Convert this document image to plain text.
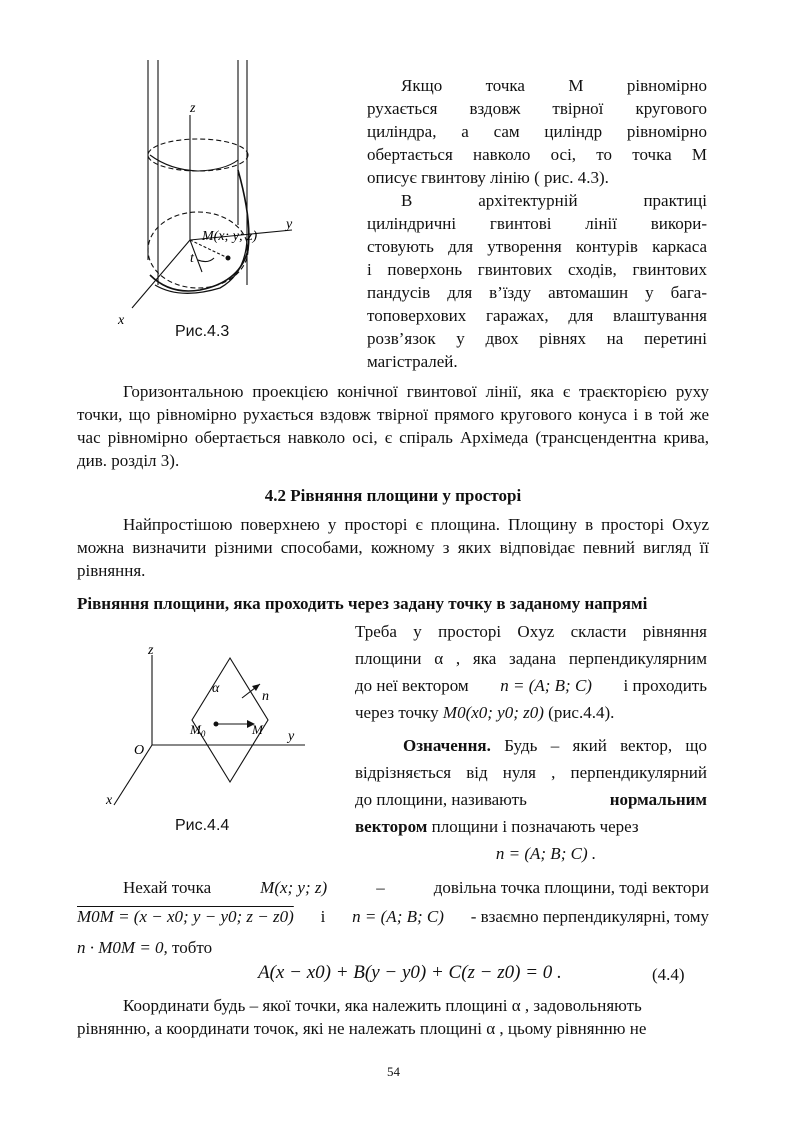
z
y
x
M(x; y; z)
t
Рис.4.3
Якщо точка M рівномірно
рухається вздовж твірної кругового
циліндра, а сам циліндр рівномірно
обертається навколо осі, то точка M
описує гвинтову лінію ( рис. 4.3).
В архітектурній практиці
циліндричні гвинтові лінії викори-
стовують для утворення контурів каркаса
і поверхонь гвинтових сходів, гвинтових
пандусів для в’їзду автомашин у бага-
топоверхових гаражах, для влаштування
розв’язок у двох рівнях на перетині
магістралей.
Горизонтальною проекцією конічної гвинтової лінії, яка є траєкторією руху точки, що рівномірно рухається вздовж твірної прямого кругового конуса і в той же час рівномірно обертається навколо осі, є спіраль Архімеда (трансцендентна крива, див. розділ 3).
4.2 Рівняння площини у просторі
Найпростішою поверхнею у просторі є площина. Площину в просторі Oxyz можна визначити різними способами, кожному з яких відповідає певний вигляд її рівняння.
Рівняння площини, яка проходить через задану точку в заданому напрямі
z
y
x
O
α
n
$M_0$	M
Рис.4.4
Треба у просторі Oxyz скласти рівняння
площини α , яка задана перпендикулярним
до неї вектором n = (A; B; C) і проходить
через точку M0(x0; y0; z0) (рис.4.4).
Означення. Будь – який вектор, що
відрізняється від нуля , перпендикулярний
до площини, називають	нормальним
вектором площини і позначають через
n = (A; B; C) .
Нехай точка	M(x; y; z)	–	довільна точка площини, тоді вектори
M0M = (x − x0; y − y0; z − z0) і n = (A; B; C) - взаємно перпендикулярні, тому
n · M0M = 0, тобто
A(x − x0) + B(y − y0) + C(z − z0) = 0 .	(4.4)
Координати будь – якої точки, яка належить площині α , задовольняють
рівнянню, а координати точок, які не належать площині α , цьому рівнянню не
54
